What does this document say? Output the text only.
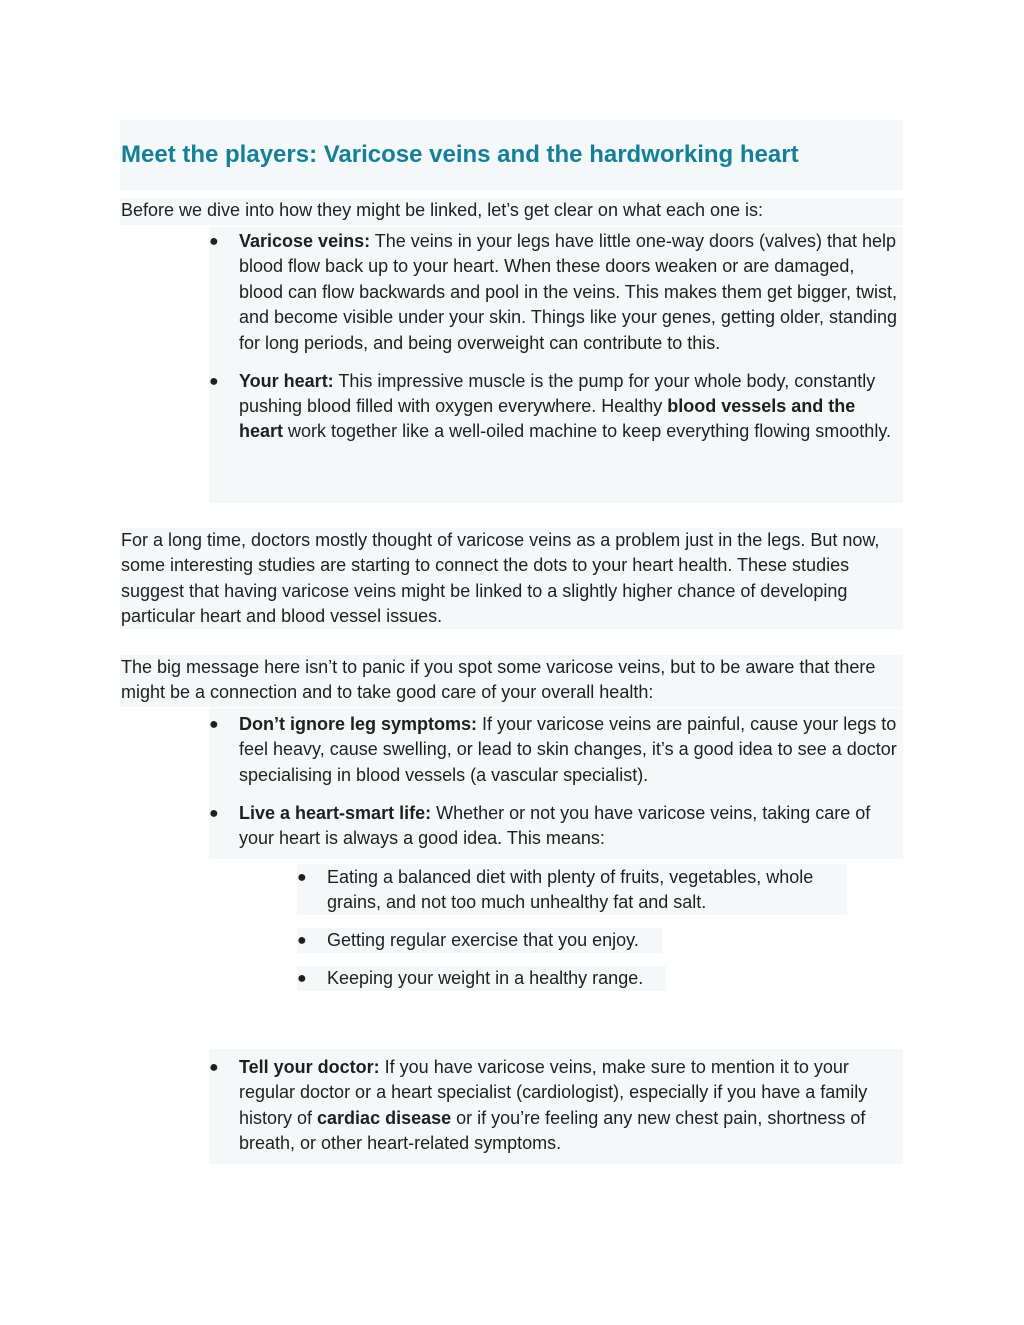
Meet the players: Varicose veins and the hardworking heart

Before we dive into how they might be linked, let’s get clear on what each one is:

● Varicose veins: The veins in your legs have little one-way doors (valves) that help blood flow back up to your heart. When these doors weaken or are damaged, blood can flow backwards and pool in the veins. This makes them get bigger, twist, and become visible under your skin. Things like your genes, getting older, standing for long periods, and being overweight can contribute to this.
● Your heart: This impressive muscle is the pump for your whole body, constantly pushing blood filled with oxygen everywhere. Healthy blood vessels and the heart work together like a well-oiled machine to keep everything flowing smoothly.

For a long time, doctors mostly thought of varicose veins as a problem just in the legs. But now, some interesting studies are starting to connect the dots to your heart health. These studies suggest that having varicose veins might be linked to a slightly higher chance of developing particular heart and blood vessel issues.

The big message here isn’t to panic if you spot some varicose veins, but to be aware that there might be a connection and to take good care of your overall health:

● Don’t ignore leg symptoms: If your varicose veins are painful, cause your legs to feel heavy, cause swelling, or lead to skin changes, it’s a good idea to see a doctor specialising in blood vessels (a vascular specialist).
● Live a heart-smart life: Whether or not you have varicose veins, taking care of your heart is always a good idea. This means:
● Eating a balanced diet with plenty of fruits, vegetables, whole grains, and not too much unhealthy fat and salt.
● Getting regular exercise that you enjoy.
● Keeping your weight in a healthy range.
● Tell your doctor: If you have varicose veins, make sure to mention it to your regular doctor or a heart specialist (cardiologist), especially if you have a family history of cardiac disease or if you’re feeling any new chest pain, shortness of breath, or other heart-related symptoms.
